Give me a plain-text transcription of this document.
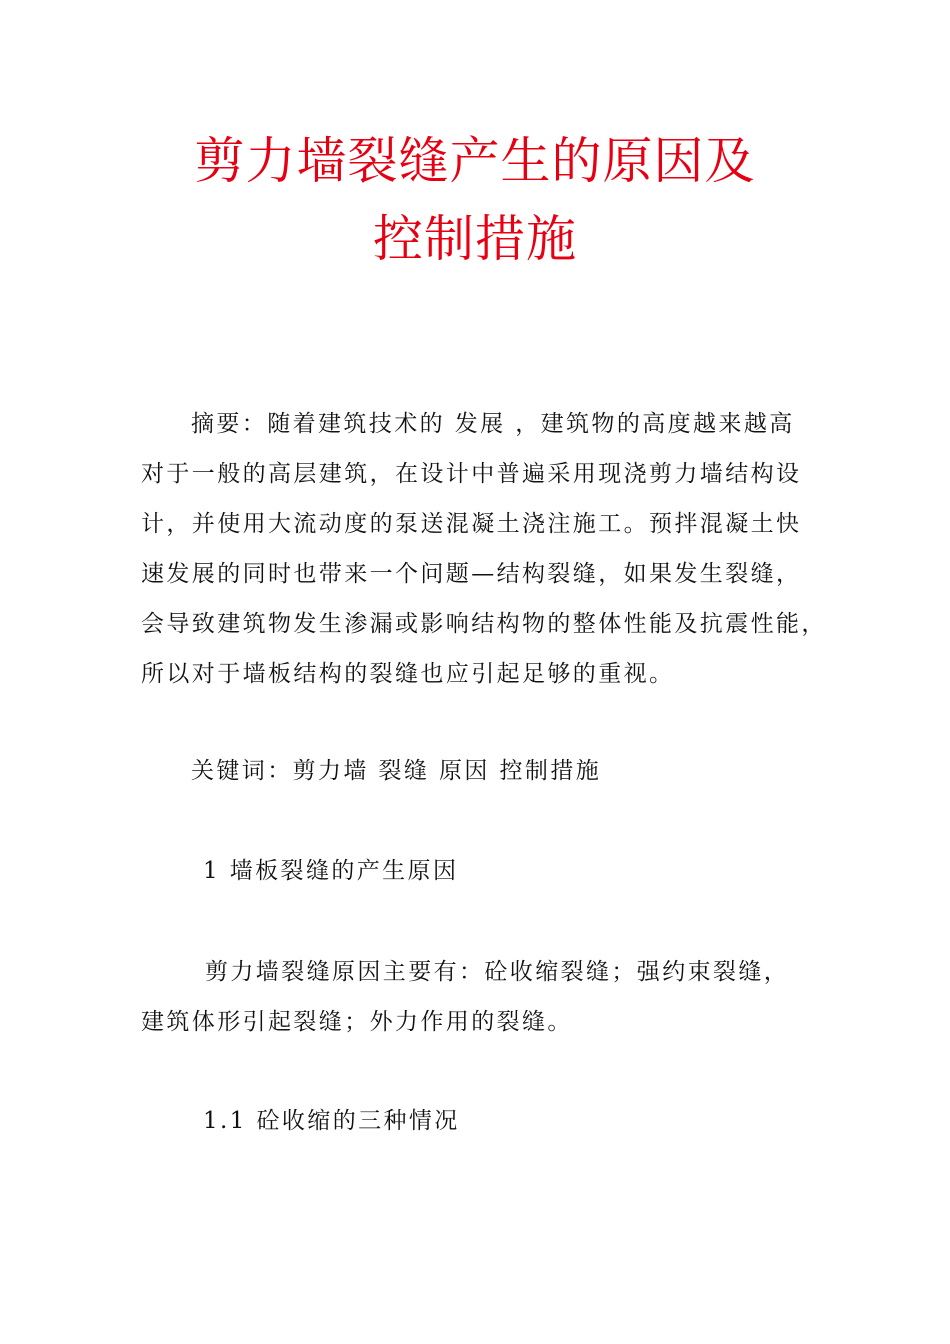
剪力墙裂缝产生的原因及
控制措施
摘要：随着建筑技术的 发展 ，建筑物的高度越来越高
对于一般的高层建筑，在设计中普遍采用现浇剪力墙结构设
计，并使用大流动度的泵送混凝土浇注施工。预拌混凝土快
速发展的同时也带来一个问题—结构裂缝，如果发生裂缝，
会导致建筑物发生渗漏或影响结构物的整体性能及抗震性能，
所以对于墙板结构的裂缝也应引起足够的重视。
关键词：剪力墙 裂缝 原因 控制措施
1 墙板裂缝的产生原因
剪力墙裂缝原因主要有：砼收缩裂缝；强约束裂缝，
建筑体形引起裂缝；外力作用的裂缝。
1.1 砼收缩的三种情况
